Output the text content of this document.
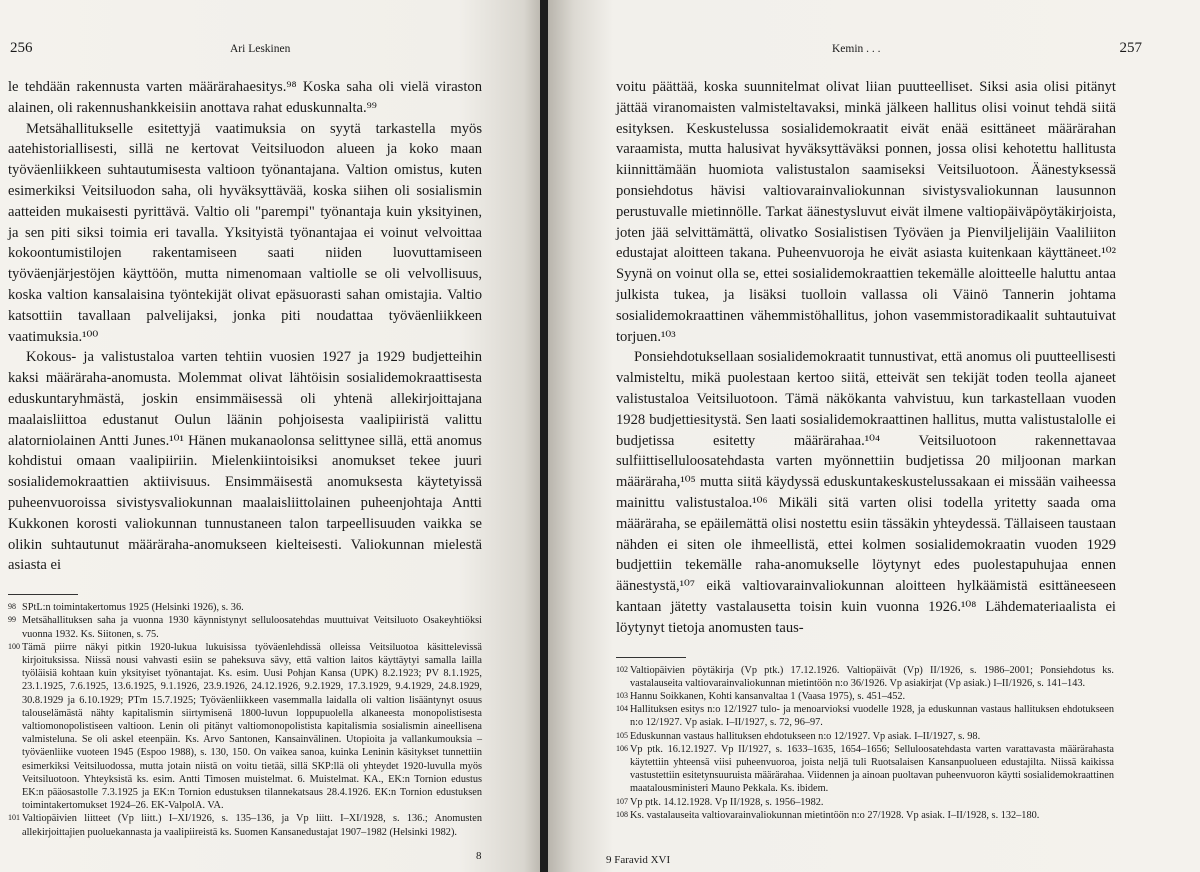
256	Ari Leskinen

le tehdään rakennusta varten määrärahaesitys.⁹⁸ Koska saha oli vielä viraston alainen, oli rakennushankkeisiin anottava rahat eduskunnalta.⁹⁹

Metsähallitukselle esitettyjä vaatimuksia on syytä tarkastella myös aatehistoriallisesti, sillä ne kertovat Veitsiluodon alueen ja koko maan työväenliikkeen suhtautumisesta valtioon työnantajana. Valtion omistus, kuten esimerkiksi Veitsiluodon saha, oli hyväksyttävää, koska siihen oli sosialismin aatteiden mukaisesti pyrittävä. Valtio oli "parempi" työnantaja kuin yksityinen, ja sen piti siksi toimia eri tavalla. Yksityistä työnantajaa ei voinut velvoittaa kokoontumistilojen rakentamiseen saati niiden luovuttamiseen työväenjärjestöjen käyttöön, mutta nimenomaan valtiolle se oli velvollisuus, koska valtion kansalaisina työntekijät olivat epäsuorasti sahan omistajia. Valtio katsottiin tavallaan palvelijaksi, jonka piti noudattaa työväenliikkeen vaatimuksia.¹⁰⁰

Kokous- ja valistustaloa varten tehtiin vuosien 1927 ja 1929 budjetteihin kaksi määräraha-anomusta. Molemmat olivat lähtöisin sosialidemokraattisesta eduskuntaryhmästä, joskin ensimmäisessä oli yhtenä allekirjoittajana maalaisliittoa edustanut Oulun läänin pohjoisesta vaalipiiristä valittu alatorniolainen Antti Junes.¹⁰¹ Hänen mukanaolonsa selittynee sillä, että anomus kohdistui omaan vaalipiiriin. Mielenkiintoisiksi anomukset tekee juuri sosialidemokraattien aktiivisuus. Ensimmäisestä anomuksesta käytetyissä puheenvuoroissa sivistysvaliokunnan maalaisliittolainen puheenjohtaja Antti Kukkonen korosti valiokunnan tunnustaneen talon tarpeellisuuden vaikka se olikin suhtautunut määräraha-anomukseen kielteisesti. Valiokunnan mielestä asiasta ei

98 SPtL:n toimintakertomus 1925 (Helsinki 1926), s. 36.
99 Metsähallituksen saha ja vuonna 1930 käynnistynyt selluloosatehdas muuttuivat Veitsiluoto Osakeyhtiöksi vuonna 1932. Ks. Siitonen, s. 75.
100 Tämä piirre näkyi pitkin 1920-lukua lukuisissa työväenlehdissä olleissa Veitsiluotoa käsittelevissä kirjoituksissa. Niissä nousi vahvasti esiin se paheksuva sävy, että valtion laitos käyttäytyi samalla lailla työläisiä kohtaan kuin yksityiset työnantajat. Ks. esim. Uusi Pohjan Kansa (UPK) 8.2.1923; PV 8.1.1925, 23.1.1925, 7.6.1925, 13.6.1925, 9.1.1926, 23.9.1926, 24.12.1926, 9.2.1929, 17.3.1929, 9.4.1929, 24.8.1929, 30.8.1929 ja 6.10.1929; PTm 15.7.1925; Työväenliikkeen vasemmalla laidalla oli valtion lisääntynyt osuus talouselämästä nähty kapitalismin siirtymisenä 1800-luvun loppupuolella alkaneesta monopolistisesta valtiomonopolistiseen valtioon. Lenin oli pitänyt valtiomonopolistista kapitalismia sosialismin aineellisena valmisteluna. Se oli askel eteenpäin. Ks. Arvo Santonen, Kansainvälinen. Utopioita ja vallankumouksia – työväenliike vuoteen 1945 (Espoo 1988), s. 130, 150. On vaikea sanoa, kuinka Leninin käsitykset tunnettiin esimerkiksi Veitsiluodossa, mutta jotain niistä on voitu tietää, sillä SKP:llä oli yhteydet 1920-luvulla myös Veitsiluotoon. Yhteyksistä ks. esim. Antti Timosen muistelmat. 6. Muistelmat. KA., EK:n Tornion edustus EK:n pääosastolle 7.3.1925 ja EK:n Tornion edustuksen tilannekatsaus 28.4.1926. EK:n Tornion edustuksen toimintakertomukset 1924–26. EK-ValpolA. VA.
101 Valtiopäivien liitteet (Vp liitt.) I–XI/1926, s. 135–136, ja Vp liitt. I–XI/1928, s. 136.; Anomusten allekirjoittajien puoluekannasta ja vaalipiireistä ks. Suomen Kansanedustajat 1907–1982 (Helsinki 1982).
8
Kemin . . .	257

voitu päättää, koska suunnitelmat olivat liian puutteelliset. Siksi asia olisi pitänyt jättää viranomaisten valmisteltavaksi, minkä jälkeen hallitus olisi voinut tehdä siitä esityksen. Keskustelussa sosialidemokraatit eivät enää esittäneet määrärahan varaamista, mutta halusivat hyväksyttäväksi ponnen, jossa olisi kehotettu hallitusta kiinnittämään huomiota valistustalon saamiseksi Veitsiluotoon. Äänestyksessä ponsiehdotus hävisi valtiovarainvaliokunnan sivistysvaliokunnan lausunnon perustuvalle mietinnölle. Tarkat äänestysluvut eivät ilmene valtiopäiväpöytäkirjoista, joten jää selvittämättä, olivatko Sosialistisen Työväen ja Pienviljelijäin Vaaliliiton edustajat aloitteen takana. Puheenvuoroja he eivät asiasta kuitenkaan käyttäneet.¹⁰² Syynä on voinut olla se, ettei sosialidemokraattien tekemälle aloitteelle haluttu antaa julkista tukea, ja lisäksi tuolloin vallassa oli Väinö Tannerin johtama sosialidemokraattinen vähemmistöhallitus, johon vasemmistoradikaalit suhtautuivat torjuen.¹⁰³

Ponsiehdotuksellaan sosialidemokraatit tunnustivat, että anomus oli puutteellisesti valmisteltu, mikä puolestaan kertoo siitä, etteivät sen tekijät toden teolla ajaneet valistustaloa Veitsiluotoon. Tämä näkökanta vahvistuu, kun tarkastellaan vuoden 1928 budjettiesitystä. Sen laati sosialidemokraattinen hallitus, mutta valistustalolle ei budjetissa esitetty määrärahaa.¹⁰⁴ Veitsiluotoon rakennettavaa sulfiittiselluloosatehdasta varten myönnettiin budjetissa 20 miljoonan markan määräraha,¹⁰⁵ mutta siitä käydyssä eduskuntakeskustelussakaan ei missään vaiheessa mainittu valistustaloa.¹⁰⁶ Mikäli sitä varten olisi todella yritetty saada oma määräraha, se epäilemättä olisi nostettu esiin tässäkin yhteydessä. Tällaiseen taustaan nähden ei siten ole ihmeellistä, ettei kolmen sosialidemokraatin vuoden 1929 budjettiin tekemälle raha-anomukselle löytynyt edes puolestapuhujaa ennen äänestystä,¹⁰⁷ eikä valtiovarainvaliokunnan aloitteen hylkäämistä esittäneeseen kantaan jätetty vastalausetta toisin kuin vuonna 1926.¹⁰⁸ Lähdemateriaalista ei löytynyt tietoja anomusten taus-

102 Valtiopäivien pöytäkirja (Vp ptk.) 17.12.1926. Valtiopäivät (Vp) II/1926, s. 1986–2001; Ponsiehdotus ks. vastalauseita valtiovarainvaliokunnan mietintöön n:o 36/1926. Vp asiakirjat (Vp asiak.) I–II/1926, s. 141–143.
103 Hannu Soikkanen, Kohti kansanvaltaa 1 (Vaasa 1975), s. 451–452.
104 Hallituksen esitys n:o 12/1927 tulo- ja menoarvioksi vuodelle 1928, ja eduskunnan vastaus hallituksen ehdotukseen n:o 12/1927. Vp asiak. I–II/1927, s. 72, 96–97.
105 Eduskunnan vastaus hallituksen ehdotukseen n:o 12/1927. Vp asiak. I–II/1927, s. 98.
106 Vp ptk. 16.12.1927. Vp II/1927, s. 1633–1635, 1654–1656; Selluloosatehdasta varten varattavasta määrärahasta käytettiin yhteensä viisi puheenvuoroa, joista neljä tuli Ruotsalaisen Kansanpuolueen edustajilta. Niissä kaikissa vastustettiin esitetynsuuruista määrärahaa. Viidennen ja ainoan puoltavan puheenvuoron käytti sosialidemokraattinen maatalousministeri Mauno Pekkala. Ks. ibidem.
107 Vp ptk. 14.12.1928. Vp II/1928, s. 1956–1982.
108 Ks. vastalauseita valtiovarainvaliokunnan mietintöön n:o 27/1928. Vp asiak. I–II/1928, s. 132–180.
9 Faravid XVI
